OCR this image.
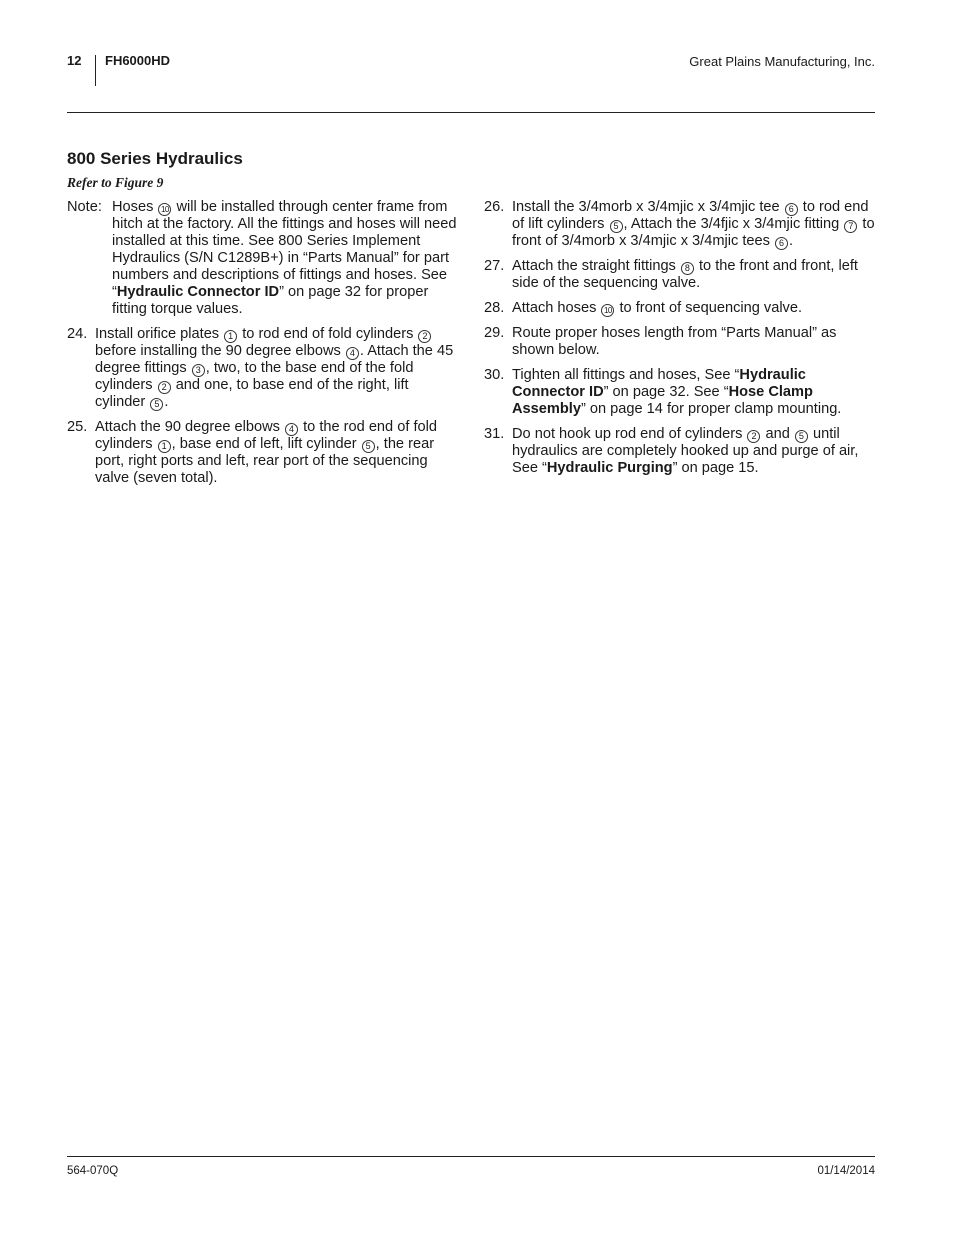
12 FH6000HD	Great Plains Manufacturing, Inc.
800 Series Hydraulics
Refer to Figure 9
Note: Hoses 10 will be installed through center frame from hitch at the factory. All the fittings and hoses will need installed at this time. See 800 Series Implement Hydraulics (S/N C1289B+) in “Parts Manual” for part numbers and descriptions of fittings and hoses. See “Hydraulic Connector ID” on page 32 for proper fitting torque values.
24. Install orifice plates 1 to rod end of fold cylinders 2 before installing the 90 degree elbows 4 . Attach the 45 degree fittings 3 , two, to the base end of the fold cylinders 2 and one, to base end of the right, lift cylinder 5 .
25. Attach the 90 degree elbows 4 to the rod end of fold cylinders 1 , base end of left, lift cylinder 5 , the rear port, right ports and left, rear port of the sequencing valve (seven total).
26. Install the 3/4morb x 3/4mjic x 3/4mjic tee 6 to rod end of lift cylinders 5 , Attach the 3/4fjic x 3/4mjic fitting 7 to front of 3/4morb x 3/4mjic x 3/4mjic tees 6 .
27. Attach the straight fittings 8 to the front and front, left side of the sequencing valve.
28. Attach hoses 10 to front of sequencing valve.
29. Route proper hoses length from “Parts Manual” as shown below.
30. Tighten all fittings and hoses, See “Hydraulic Connector ID” on page 32. See “Hose Clamp Assembly” on page 14 for proper clamp mounting.
31. Do not hook up rod end of cylinders 2 and 5 until hydraulics are completely hooked up and purge of air, See “Hydraulic Purging” on page 15.
564-070Q	01/14/2014
